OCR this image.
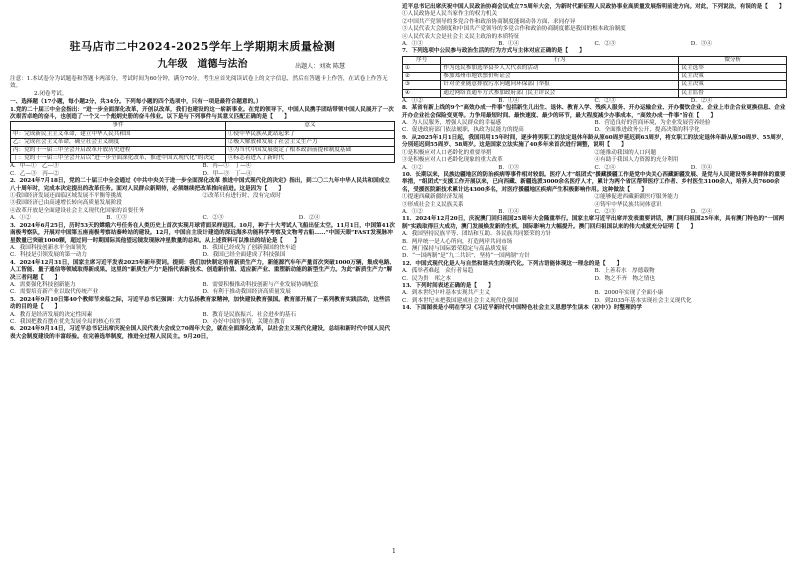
驻马店市二中2024-2025学年上学期期末质量检测
九年级　道德与法治	出题人：刘欢 陈慧
注意：1.本试卷分为试题卷和答题卡两部分，考试时间为60分钟，满分70分。考生应首先阅读试卷上的文字信息，然后在答题卡上作答，在试卷上作答无效。
2.闭卷考试。
一、选择题（17小题，每小题2分，共34分。下列每小题的四个选项中，只有一项是最符合题意的。）
1.党的二十届三中全会指出：“进一步全面深化改革，开创以改革，我们也建设的这一崭新事业。在党的领导下，中国人民携手团结带领中国人民展开了一次次艰苦卓绝的奋斗，也创造了一个又一个彪炳史册的奋斗伟业。以下是与下列事件与其意义匹配正确的是【　　】
事件	意义
甲：完成新民主主义革命，建立中华人民共和国	①使中华民族从此站起来了
乙：完成社会主义革命，确立社会主义制度	②极大解放和发展了社会主义生产力
丙：党的十一届三中全会开启改革开放历史进程	③为当代中国发展奠定了根本政治前提和制度基础
丁：党的十一届三中全会开启以“进一步全面深化改革，推进中国式现代化”的决定	④标志着进入了新时代
A．甲—①　乙—③	B．丙—①　丁—④
C．乙—③　丙—②	D．甲—③　丁—④
2．2024年7月18日，党的二十届三中全会通过《中共中央关于进一步全面深化改革 推进中国式现代化的决定》指出，到二〇二九年中华人民共和国成立八十周年时，完成本决定提出的改革任务。面对人民群众新期待，必须继续把改革推向前进。这是因为【　　】
①我国经济发展还面临区域发展不平衡等挑战	②改革只有进行时，没有完成时
③我国经济已由高速增长转向高质量发展阶段
④改革开放是全面建设社会主义现代化国家的首要任务
A．①②	B．①③	C．②③	D．②④
3．2024年6月25日，历时53天的嫦娥六号任务在人类历史上首次实现月球背面采样返回。10月，种子十大考试人飞船出征太空。11月1日，中国第41次南极考察队，开展对中国第五座南极考察站秦岭站的建设。12月，中国自主设计建造的深远海多功能科学考察及文物考古船……“中国天眼”FAST发现脉冲星数量已突破1000颗，超过同一时期国际其他望远镜发现脉冲星数量的总和。从上述资料可以推出的结论是【　　】
A．我国科技创新水平全面领先	B．我国已经成为了创新强国的快车道
C．科技是引领发展的第一动力	D．我国已经全面建成了科技强国
4．2024年12月31日，国家主席习近平发表2025年新年贺词。提到：我们加快制定培育新质生产力，新能源汽车年产量首次突破1000万辆，集成电路、人工智能、量子通信等领域取得新成果。这里的“新质生产力”是指代表新技术、创造新价值、适应新产业、重塑新动能的新型生产力。为此“新质生产力”解决三者问题【　　】
A．需要强化科技创新能力	B．需要积极推动科技创新与产业发展协调配套
C．需要培育新产业以取代传统产业	D．有利于推动我国经济高质量发展
5．2024年9月10日第40个教师节来临之际，习近平总书记强调：大力弘扬教育家精神，加快建设教育强国。教育部开展了一系列教育实践活动，这些活动的目的是【　　】
A．教育是经济发展的决定性因素	B．教育是民族振兴、社会进步的基石
C．我国把教育摆在优先发展全局的核心位置	D．办好中国的事情，关键在教育
6．2024年9月14日，习近平总书记出席庆祝全国人民代表大会成立70周年大会，就在全面深化改革，以社会主义现代化建设，总结和新时代中国人民代表大会制度建设的丰富经验。在完善选举制度，推进全过程人民民主。9月20日，
近平总书记出席庆祝中国人民政治协商会议成立75周年大会，为新时代新征程人民政协事业高质量发展指明前进方向。对此，下列说法，有误的是【　　】
①人民政协是人民当家作主的权力机关
②中国共产党领导的多党合作和政治协商制度能调动各方面、求同存异
③人民代表大会制度和中国共产党领导的多党合作和政治协商制度都是我国的根本政治制度
④人民代表大会是社会主义民主政治的本质特征
A．①③	B．①④	C．②③	D．③④
7．下列选项中公民参与政治生活的行为方式与主体对应正确的是【　　】
序号	行为	微分析
①	作为选民参加选举县乡人大代表的活动	民主选举
②	参加郑州市地铁票价听证会	民主决策
③	针对企业随意排放污水问题向环保部门举报	民主决策
④	通过网络直通车方式参加政府部门民主评议会	民主监督
A．①②	B．①④	C．②③	D．②④
8．某省有新上线的9个“高效办成一件事”包括新生儿出生、退休、教育入学、残疾人服务、开办运输企业、开办餐饮企业、企业上市企合业更换信息、企业开办企业社会保险变更等。力争用最短时间、最快速度、最少的环节，最大程度减少办事成本，“高效办成一件事”旨在【　　】
A．为人民服务，增强人民群众的幸福感	B．营造良好的营商环境，为企业发展营养经验
C．促进政府部门依法履职，执政为民能力的提高	D．全面推进政务公开，提高决策的科学化
9．从2025年1月1日起，我国用用15年时间，逐步将男职工的法定退休年龄从原60周岁延迟到63周岁，将女职工的法定退休年龄从原50周岁、55周岁，分别延迟到55周岁、58周岁。这是国家立法实施了40多年来首次进行调整，说明【　　】
①是积极应对人口老龄化的重要举措	②能推动我国的人口问题
③是积极应对人口老龄化现象的重大改革	④有助于我国人力资源的充分利用
A．①②	B．①③	C．②④	D．③④
10．长期以来，民族边疆地区的防治疾病等事件相对较弱。医疗人才“组团式”援藏援疆工作是党中央关心西藏新疆发展、是党与人民建设等多种群体的重要举措，“组团式”支援工作开展以来，已向西藏、新疆选派3000余名医疗人才，累计为两个省区帮带医疗工作者、乡村医生3100余人，培养人员7600余名，受援医院新技术累计达4300多名，对医疗援疆地区疾病产生积极影响作用。这种做法【　　】
①提速西藏新疆经济发展	②能够促进西藏新疆医疗服务能力
③形成社会主义民族关系	④铸牢中华民族共同体意识
A．①②	B．①④	C．②③	D．②④
11．2024年12月20日，庆祝澳门回归祖国25周年大会隆重举行。国家主席习近平出席并发表重要讲话，澳门回归祖国25年来，具有澳门特色的“一国两制”实践取得巨大成功，澳门发展焕发新的生机，国际影响力大幅提升。澳门回归祖国以来的伟大成就充分证明【　　】
A．我国坚持民族平等、团结和互助、各民族共同繁荣的方针
B．两岸统一是人心所向，打造两岸共同市场
C．澳门保持与国际繁荣稳定与高品质发展
D．“一国两制”是“九二共识”，坚持“一国两制”方针
12．中国式现代化是人与自然和谐共生的现代化。下列古语能体现这一理念的是【　　】
A．孤举者难起　众行者易趋	B．上善若水　厚德载物
C．民为贵　邦之本	D．物之不齐　物之情也
13．下列时间表述正确的是【　　】
A．到本世纪中叶基本实现共产主义	B．2000年实现了全面小康
C．到本世纪末把我国建成社会主义现代化强国	D．到2035年基本实现社会主义现代化
14．下面图表是小明在学习《习近平新时代中国特色社会主义思想学生读本（初中）》时整理的学
1
